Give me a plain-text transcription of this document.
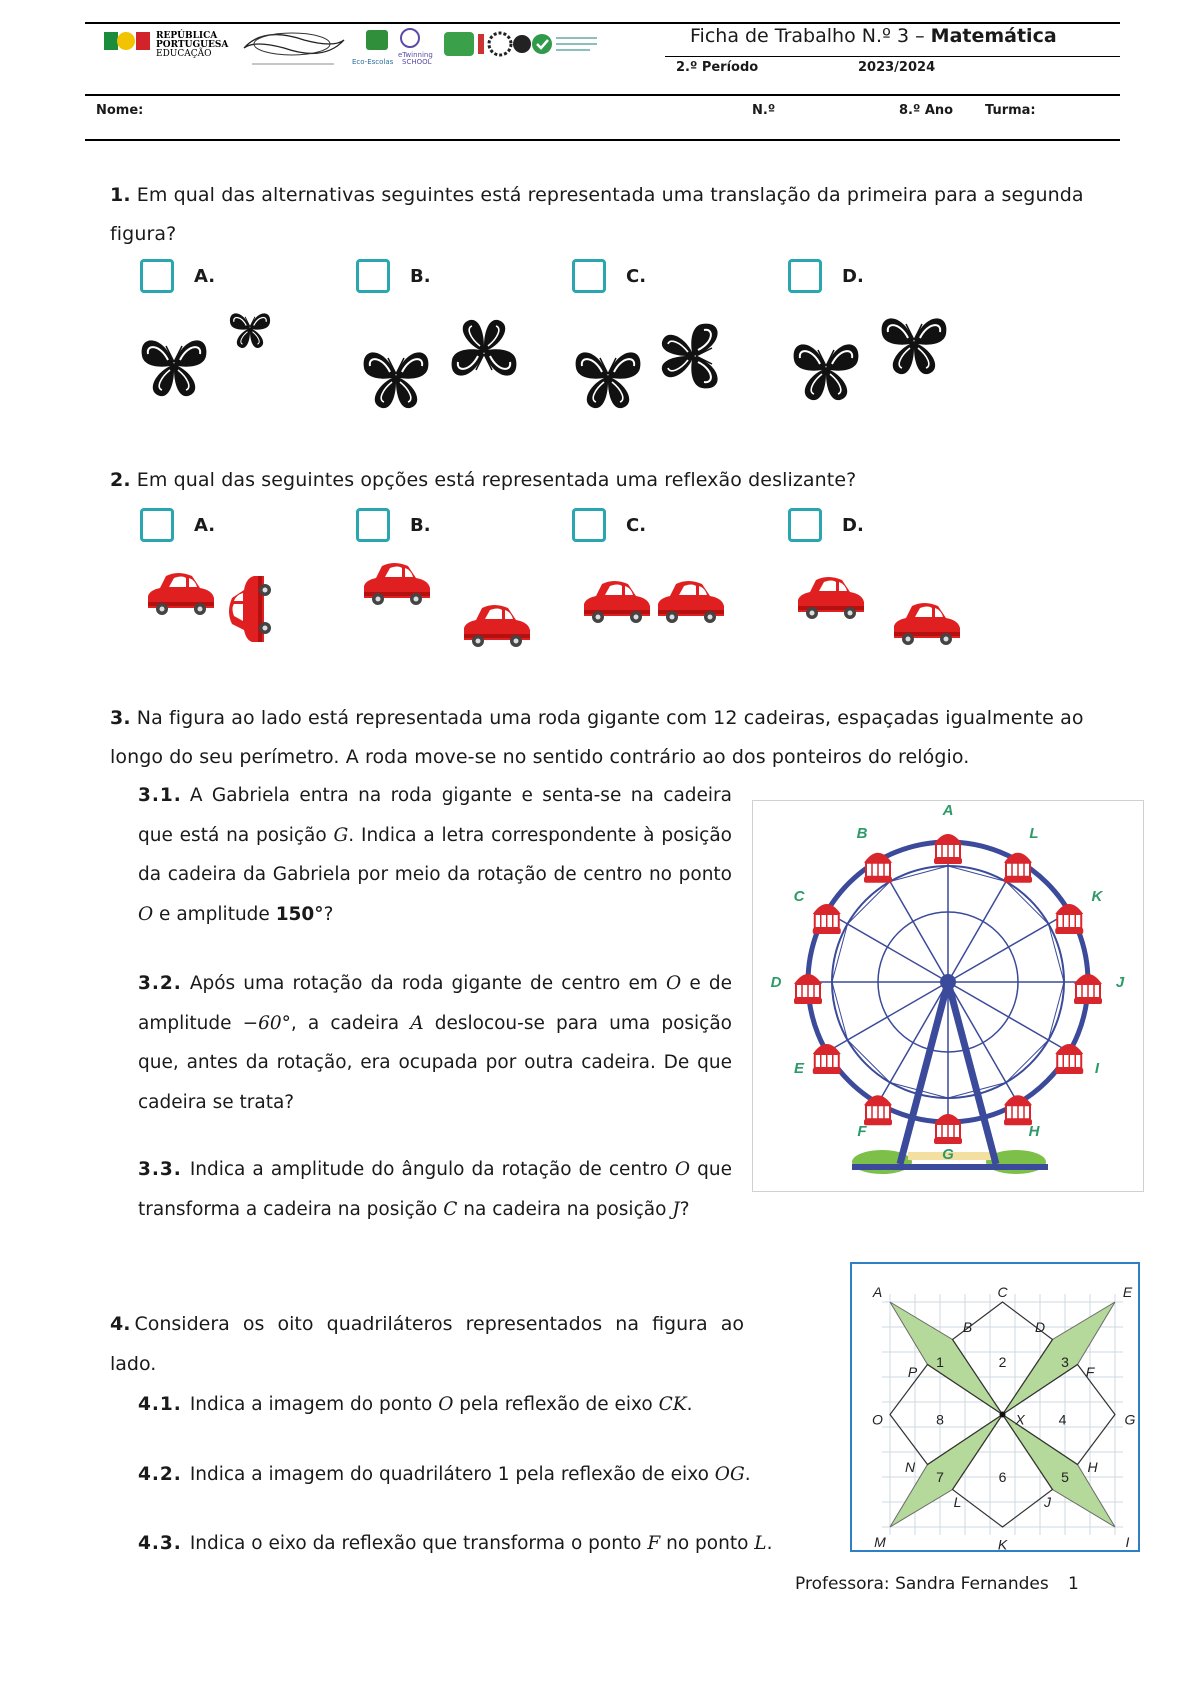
REPÚBLICA
PORTUGUESA
EDUCAÇÃO
Eco-Escolas
eTwinning
SCHOOL
Ficha de Trabalho N.º 3 – Matemática
2.º Período	2023/2024
Nome:	N.º	8.º Ano Turma:
1. Em qual das alternativas seguintes está representada uma translação da primeira para a segunda figura?
A.	B.	C.	D.
2. Em qual das seguintes opções está representada uma reflexão deslizante?
A.	B.	C.	D.
3. Na figura ao lado está representada uma roda gigante com 12 cadeiras, espaçadas igualmente ao longo do seu perímetro. A roda move-se no sentido contrário ao dos ponteiros do relógio.
3.1. A Gabriela entra na roda gigante e senta-se na cadeira que está na posição G. Indica a letra correspondente à posição da cadeira da Gabriela por meio da rotação de centro no ponto O e amplitude 150°?
3.2. Após uma rotação da roda gigante de centro em O e de amplitude −60°, a cadeira A deslocou-se para uma posição que, antes da rotação, era ocupada por outra cadeira. De que cadeira se trata?
3.3. Indica a amplitude do ângulo da rotação de centro O que transforma a cadeira na posição C na cadeira na posição J?
A
L
K
J
I
H
G
F
E
D
C
B
4. Considera os oito quadriláteros representados na figura ao lado.
4.1. Indica a imagem do ponto O pela reflexão de eixo CK.
4.2. Indica a imagem do quadrilátero 1 pela reflexão de eixo OG.
4.3. Indica o eixo da reflexão que transforma o ponto F no ponto L.
A	C	E
B	D
P	F
O	X	G
N	H
L	J
M	K	I
1	2	3
8	4
7	6	5
Professora: Sandra Fernandes 1
